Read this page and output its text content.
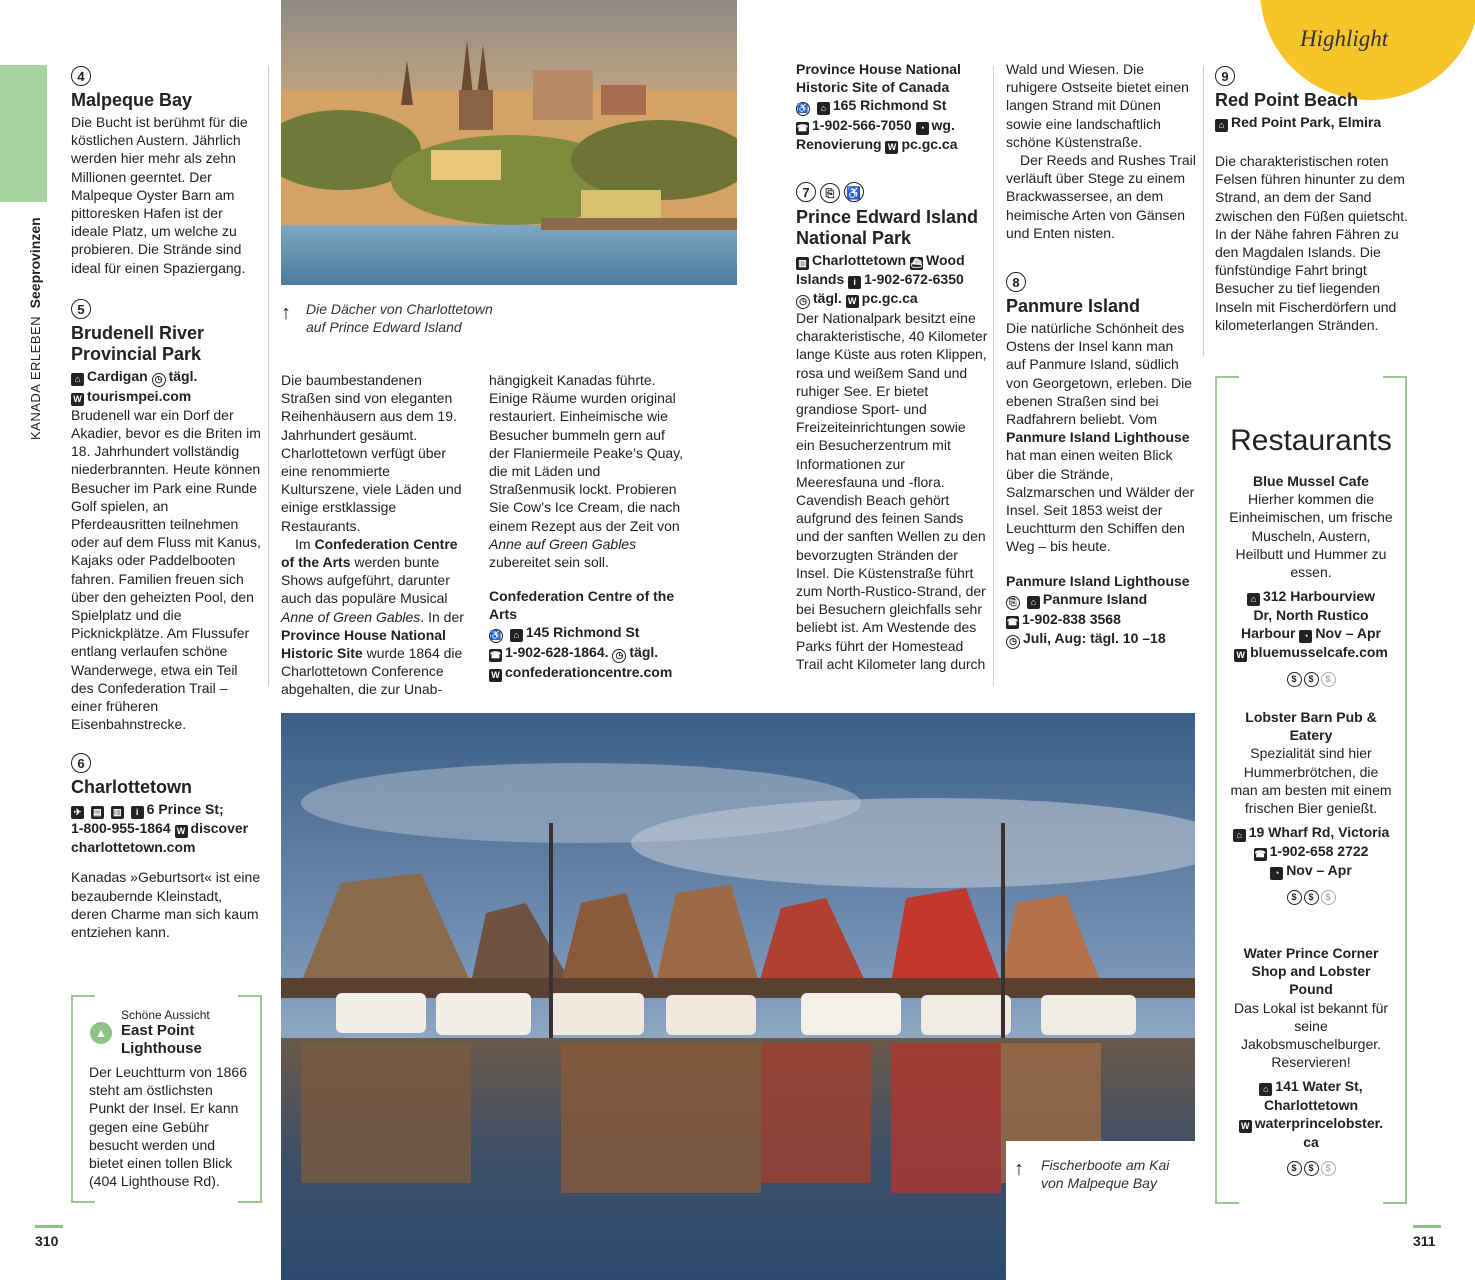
KANADA ERLEBEN Seeprovinzen
Highlight
4
Malpeque Bay

Die Bucht ist berühmt für die köstlichen Austern. Jährlich werden hier mehr als zehn Millionen geerntet. Der Malpeque Oyster Barn am pittoresken Hafen ist der ideale Platz, um welche zu probieren. Die Strände sind ideal für einen Spaziergang.

5
Brudenell River Provincial Park
⌂ Cardigan ◷ tägl.
W tourismpei.com

Brudenell war ein Dorf der Akadier, bevor es die Briten im 18. Jahrhundert vollständig niederbrannten. Heute können Besucher im Park eine Runde Golf spielen, an Pferdeausritten teilnehmen oder auf dem Fluss mit Kanus, Kajaks oder Paddelbooten fahren. Familien freuen sich über den geheizten Pool, den Spielplatz und die Picknickplätze. Am Flussufer entlang verlaufen schöne Wanderwege, etwa ein Teil des Confederation Trail – einer früheren Eisenbahnstrecke.

6
Charlottetown
✈ ▤ ▥ i 6 Prince St;
1-800-955-1864 W discover
charlottetown.com

Kanadas »Geburtsort« ist eine bezaubernde Kleinstadt, deren Charme man sich kaum entziehen kann.

▲
Schöne Aussicht
East Point Lighthouse

Der Leuchtturm von 1866 steht am östlichsten Punkt der Insel. Er kann gegen eine Gebühr besucht werden und bietet einen tollen Blick (404 Lighthouse Rd).

↑ Die Dächer von Charlottetown auf Prince Edward Island

Die baumbestandenen Straßen sind von eleganten Reihenhäusern aus dem 19. Jahrhundert gesäumt. Charlottetown verfügt über eine renommierte Kulturszene, viele Läden und einige erstklassige Restaurants.

Im Confederation Centre of the Arts werden bunte Shows aufgeführt, darunter auch das populäre Musical Anne of Green Gables. In der Province House National Historic Site wurde 1864 die Charlottetown Conference abgehalten, die zur Unab-

hängigkeit Kanadas führte. Einige Räume wurden original restauriert. Einheimische wie Besucher bummeln gern auf der Flaniermeile Peake’s Quay, die mit Läden und Straßenmusik lockt. Probieren Sie Cow’s Ice Cream, die nach einem Rezept aus der Zeit von Anne auf Green Gables zubereitet sein soll.

Confederation Centre of the Arts
♿ ⌂ 145 Richmond St
☎ 1-902-628-1864. ◷ tägl.
W confederationcentre.com
Province House National Historic Site of Canada
♿ ⌂ 165 Richmond St
☎ 1-902-566-7050 ◔ wg.
Renovierung W pc.gc.ca
7 ⎘ ♿
Prince Edward Island National Park
▥ Charlottetown ⛴ Wood
Islands i 1-902-672-6350
◷ tägl. W pc.gc.ca

Der Nationalpark besitzt eine charakteristische, 40 Kilometer lange Küste aus roten Klippen, rosa und weißem Sand und ruhiger See. Er bietet grandiose Sport- und Freizeiteinrichtungen sowie ein Besucherzentrum mit Informationen zur Meeresfauna und -flora. Cavendish Beach gehört aufgrund des feinen Sands und der sanften Wellen zu den bevorzugten Stränden der Insel. Die Küstenstraße führt zum North-Rustico-Strand, der bei Besuchern gleichfalls sehr beliebt ist. Am Westende des Parks führt der Homestead Trail acht Kilometer lang durch

Wald und Wiesen. Die ruhigere Ostseite bietet einen langen Strand mit Dünen sowie eine landschaftlich schöne Küstenstraße.

Der Reeds and Rushes Trail verläuft über Stege zu einem Brackwassersee, an dem heimische Arten von Gänsen und Enten nisten.

8
Panmure Island

Die natürliche Schönheit des Ostens der Insel kann man auf Panmure Island, südlich von Georgetown, erleben. Die ebenen Straßen sind bei Radfahrern beliebt. Vom Panmure Island Lighthouse hat man einen weiten Blick über die Strände, Salzmarschen und Wälder der Insel. Seit 1853 weist der Leuchtturm den Schiffen den Weg – bis heute.

Panmure Island Lighthouse
⎘ ⌂ Panmure Island
☎ 1-902-838 3568
◷ Juli, Aug: tägl. 10 –18
9
Red Point Beach
⌂ Red Point Park, Elmira

Die charakteristischen roten Felsen führen hinunter zu dem Strand, an dem der Sand zwischen den Füßen quietscht. In der Nähe fahren Fähren zu den Magdalen Islands. Die fünfstündige Fahrt bringt Besucher zu tief liegenden Inseln mit Fischerdörfern und kilometerlangen Stränden.

Restaurants
Blue Mussel Cafe
Hierher kommen die Einheimischen, um frische Muscheln, Austern, Heilbutt und Hummer zu essen.
⌂ 312 Harbourview
Dr, North Rustico Harbour ◔ Nov – Apr
W bluemusselcafe.com
$ $ $
Lobster Barn Pub & Eatery
Spezialität sind hier Hummerbrötchen, die man am besten mit einem frischen Bier genießt.
⌂ 19 Wharf Rd, Victoria
☎ 1-902-658 2722
◔ Nov – Apr
$ $ $
Water Prince Corner Shop and Lobster Pound
Das Lokal ist bekannt für seine Jakobsmuschelburger. Reservieren!
⌂ 141 Water St,
Charlottetown
W waterprincelobster.
ca
$ $ $
↑ Fischerboote am Kai von Malpeque Bay
310	311
